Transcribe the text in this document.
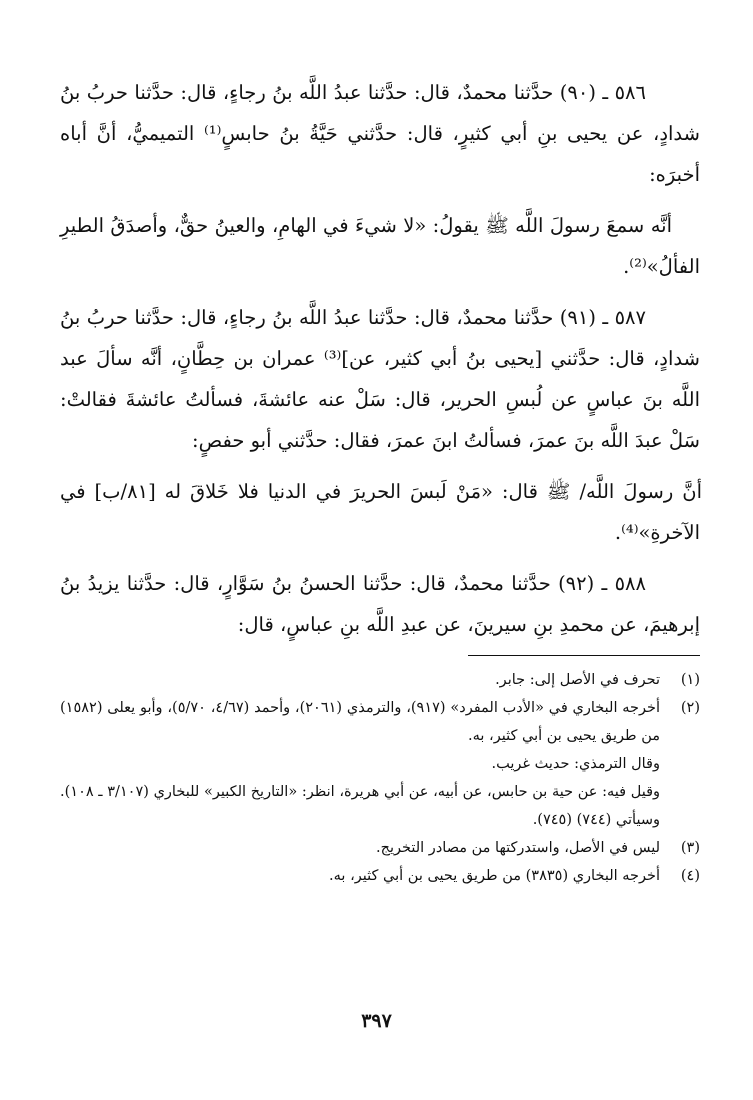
٥٨٦ ـ (٩٠) حدَّثنا محمدٌ، قال: حدَّثنا عبدُ اللَّه بنُ رجاءٍ، قال: حدَّثنا حربُ بنُ شدادٍ، عن يحيى بنِ أبي كثيرٍ، قال: حدَّثني حَيَّةُ بنُ حابسٍ⁽¹⁾ التميميُّ، أنَّ أباه أخبرَه:

أنَّه سمعَ رسولَ اللَّه ﷺ يقولُ: «لا شيءَ في الهامِ، والعينُ حقٌّ، وأصدَقُ الطيرِ الفألُ»⁽²⁾.

٥٨٧ ـ (٩١) حدَّثنا محمدٌ، قال: حدَّثنا عبدُ اللَّه بنُ رجاءٍ، قال: حدَّثنا حربُ بنُ شدادٍ، قال: حدَّثني [يحيى بنُ أبي كثير، عن]⁽³⁾ عمران بن حِطَّانٍ، أنَّه سألَ عبد اللَّه بنَ عباسٍ عن لُبسِ الحرير، قال: سَلْ عنه عائشةَ، فسألتُ عائشةَ فقالتْ: سَلْ عبدَ اللَّه بنَ عمرَ، فسألتُ ابنَ عمرَ، فقال: حدَّثني أبو حفصٍ:

أنَّ رسولَ اللَّه/ ﷺ قال: «مَنْ لَبسَ الحريرَ في الدنيا فلا خَلاقَ له [٨١/ب] في الآخرةِ»⁽⁴⁾.

٥٨٨ ـ (٩٢) حدَّثنا محمدٌ، قال: حدَّثنا الحسنُ بنُ سَوَّارٍ، قال: حدَّثنا يزيدُ بنُ إبرهيمَ، عن محمدِ بنِ سيرينَ، عن عبدِ اللَّه بنِ عباسٍ، قال:

(١)
تحرف في الأصل إلى: جابر.
(٢)
أخرجه البخاري في «الأدب المفرد» (٩١٧)، والترمذي (٢٠٦١)، وأحمد (٤/٦٧، ٥/٧٠)، وأبو يعلى (١٥٨٢) من طريق يحيى بن أبي كثير، به.
وقال الترمذي: حديث غريب.
وقيل فيه: عن حية بن حابس، عن أبيه، عن أبي هريرة، انظر: «التاريخ الكبير» للبخاري (٣/١٠٧ ـ ١٠٨). وسيأتي (٧٤٤) (٧٤٥).
(٣)
ليس في الأصل، واستدركتها من مصادر التخريج.
(٤)
أخرجه البخاري (٣٨٣٥) من طريق يحيى بن أبي كثير، به.
٣٩٧
